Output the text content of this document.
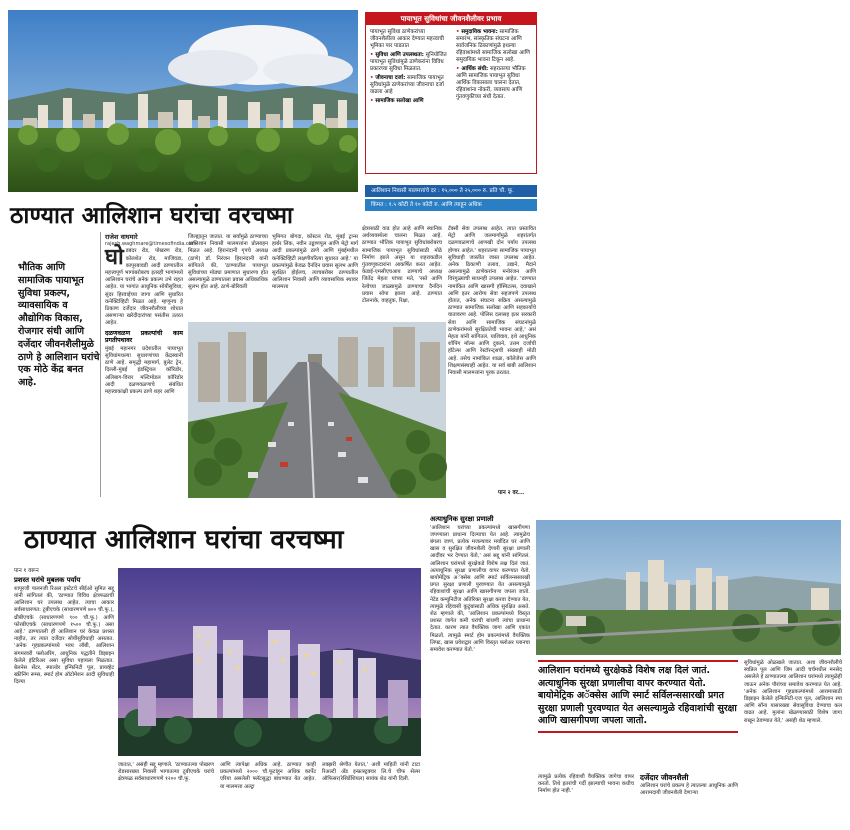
पायाभूत सुविधांचा जीवनशैलीवर प्रभाव
पायाभूत सुविधा ठाणेकरांच्या जीवनशैलीला आकार देण्यात महत्त्वाची भूमिका पार पाडतात
• सुविधा आणि उपलब्धता: सुनियोजित पायाभूत सुविधांमुळे ठाणेकरांना विविध प्रकारच्या सुविधा मिळतात.
• जीवनाचा दर्जा: सामाजिक पायाभूत सुविधांमुळे ठाणेकरांच्या जीवनाचा दर्जा वाढला आहे
• सामाजिक सलोखा आणि
• समुदायिक भावना: सामाजिक समारंभ, सांस्कृतिक संघटना आणि सार्वजनिक ठिकाणांमुळे इथल्या रहिवाशांमध्ये सामाजिक सलोखा आणि समुदायिक भावना टिकून आहे.
• आर्थिक संधी: सहरातल्या भौतिक आणि सामाजिक पायाभूत सुविधा आर्थिक विकासाला चालना देतात, रहिवाशांना नोकरी, व्यवसाय आणि गुंतवणुकीच्या संधी देतात.
आलिशान निवासी मालमत्तांचे दर : १५,००० ते २५,००० रु. प्रति चौ. फू.
किंमत : १.५ कोटी ते १० कोटी रु. आणि त्याहून अधिक
ठाण्यात आलिशान घरांचा वरचष्मा
भौतिक आणि सामाजिक पायाभूत सुविधा प्रकल्प, व्यावसायिक व औद्योगिक विकास, रोजगार संधी आणि दर्जेदार जीवनशैलीमुळे ठाणे हे आलिशान घरांचे एक मोठे केंद्र बनत आहे.
राजेश वाघमारे
rajesh.waghmare@timesofindia.com

घोडबंदर रोड, पोखरण रोड, कोलशेत रोड, माजिवडा, कापूरबावडी आदी ठाण्यातील महत्त्वपूर्ण भागांबरोबरच इतरही भागांमध्ये आलिशान घरांचे अनेक प्रकल्प उभे राहत आहेत. या भागांत आधुनिक सोयीसुविधा, सुंदर हिरवाईच्या जागा आणि सुधारित कनेक्टिव्हिटी मिळत आहे. म्हणूनच हे ठिकाण दर्जेदार जीवनशैलीच्या शोधात असणाऱ्या खरेदीदारांच्या पसंतीस उतरत आहेत.

दळणवळण प्रकल्पांची काम प्रगतीपथावर

मुंबई महानगर प्रदेशातील पायाभूत सुविधांमधल्या सुधारणांच्या केंद्रस्थानी ठाणे आहे. समृद्धी महामार्ग, बुलेट ट्रेन, दिल्ली-मुंबई इंडस्ट्रियल कॉरिडोर, अलिबाग-विरार मल्टिमोडल कॉरिडोर आदी दळणवळणाचे संबंधित महत्त्वाकांक्षी प्रकल्प ठाणे शहर आणि

जिल्ह्यातून जातात. या सर्वांमुळे ठाण्याच्या आलिशान निवासी मालमत्तांना प्रोत्साहन मिळत आहे. हिरानंदानी गृपचे अध्यक्ष (ठाणे) डॉ. निरंजन हिरानंदानी यांनी सांगितले की, 'ठाण्यातील पायाभूत सुविधांच्या मोठ्या प्रमाणात सुधारणा होत असल्यामुळे ठाण्यातला प्रवास अधिकाधिक सुलभ होत आहे. ठाणे-बोरिवली
भुमिगत बोगदा, कोस्टल रोड, मुंबई ट्रान्स हार्बर लिंक, नवीन उड्डाणपूल आणि मेट्रो मार्ग आदी प्रकल्पांमुळे ठाणे आणि मुंबईमधील कनेक्टिव्हिटी लक्षणीयरित्या सुधारत आहे.' या प्रकल्पांमुळे केवळ दैनंदिन प्रवास सुलभ आणि सुरक्षित होईलच, त्याचबरोबर ठाण्यातील आलिशान निवासी आणि व्यावसायिक स्थावर मालमत्ता
क्षेत्रासाठी वाढ होत आहे आणि स्थानिक अर्थव्यवस्थेला चालना मिळत आहे. ठाण्यात भौतिक पायाभूत सुविधांबरोबरच सामाजिक पायाभूत सुविधांसाठी मोठे निर्माण झाले असून या शहराकडील गुंतवणूकदारांना आकर्षित करत आहेत. केडाई-एमसीएचआय ठाण्याचे अध्यक्ष जितेंद्र मेहता यांच्या मते, 'रस्ते आणि रेल्वेच्या जाळ्यामुळे ठाण्याचा दैनंदिन प्रवास सोपा झाला आहे. ठाण्यात टोलनाके, वाहतूक, रिक्षा,
टॅक्सी सेवा उपलब्ध आहेत. त्यात प्रस्तावित मेट्रो आणि जलमार्गांमुळे शहरांतर्गत दळणवळणाचे आणखी दोन पर्याय उपलब्ध होणार आहेत.' शहरातल्या सामाजिक पायाभूत सुविधाही जास्तीत जास्त उपलब्ध आहेत. अनेक ठिकाणी तलाव, उद्याने, मैदाने असल्यामुळे ठाणेकरांना मनोरंजन आणि विरंगुळ्याची साधनही उपलब्ध आहेत. 'ठाण्यात नामांकित आणि खासगी हॉस्पिटल्स, दवाखाने आणि इतर आरोग्य सेवा सहजपणे उपलब्ध होतात, अनेक संघटना सक्रिय असल्यामुळे ठाण्यात सामाजिक सलोखा आणि सहकार्याचे वातावरण आहे. पोलिस दलासह इतर सरकारी सेवा आणि सामाजिक संघटनांमुळे ठाणेकरांमध्ये सुरक्षिततेची भावना आहे,' असं मेहता यांनी सांगितलं. याशिवाय, इथे आधुनिक शॉपिंग मॉल्स आणि दुकाने, उत्तम दर्जाची हॉटेल्स आणि रेस्टॉरन्ट्सची संख्याही मोठी आहे. तसेच नामांकित शाळा, कॉलेजेस आणि शिक्षणसंस्थाही आहेत. या सर्व बाबी आलिशान निवासी मालमत्तांना पूरक ठरतात.
पान २ वर...
ठाण्यात आलिशान घरांचा वरचष्मा
पान १ वरून
प्रशस्त घरांचे मुबलक पर्याय

शापूरजी पालनजी रिअल इस्टेटचे सीईओ सुमित सद्दू यांनी सांगितलं की, 'ठाण्यात विविध क्षेत्रफळाची आलिशान घरं उपलब्ध आहेत. त्याचा आकार सर्वसाधारणत: टूबीएचके (साधारणपणे ७०० चौ.फू.), थ्रीबीएचके (साधारणपणे ९०० चौ.फू.) आणि फोरबीएचके (साधारणपणे १५०० चौ.फू.) असा आहे.' ठाण्यातली ही आलिशान घरं केवळ प्रशस्त नाहीत, तर त्यात दर्जेदार सोयीसुविधाही असतात. 'अनेक गृहप्रकल्पांमध्ये भव्य लॉबी, आलिशान संगमरवरी फ्लोअरिंग, आधुनिक पद्धतीने डिझाइन केलेले इंटिरिअर असा सुविधा पहायला मिळतात. बेलनेस सेंटर, स्पाल्डेर इन्फिनिटी पूल, प्रायव्हेट स्क्रीनिंग रूम्स, स्मार्ट होम ऑटोमेशन आदी सुविधाही दिल्या

जातात,' असंही सद्दू म्हणाले. 'ठाण्यातल्या पोखरण रोडसारख्या निवासी भागातल्या टूबीएचके घरांचे क्षेत्रफळ सर्वसाधारणपणे १२०० चौ.फू.
आणि त्यापेक्षा अधिक आहे. ठाण्यात काही प्रकल्पांमध्ये २००० चौ.फूटांहून अधिक कार्पेट एरिया असलेली फ्लॅटसुद्धा बांधण्यात येत आहेत. या मालमत्ता अल्ट्रा
लक्झरी श्रेणीत येतात,' अशी माहिती यांनी टाटा रिअल्टी अँड इन्फ्रास्ट्रक्चर लि.चे चीफ सेल्स ऑफिसर(रेसिडेंशियल) सायंक शेठ यांनी दिली.
अत्याधुनिक सुरक्षा प्रणाली

'आलिशान घरांच्या प्रकल्पांमध्ये खासगीपणा जपण्याला प्राधान्य दिल्याचा येत आहे. त्यामुळेच बंगला जाणं, प्रत्येक मजल्यावर मर्यादित घरं आणि खास व सुरक्षित जीवनशैली देणारी सुरक्षा प्रणाली आदींवर भर देण्यात येतो,' असं सद्दू यांनी सांगितलं. आलिशान घरांमध्ये सुरक्षेकडे विशेष लक्ष दिलं जातं. अत्याधुनिक सुरक्षा प्रणालीचा वापर करण्यात येतो. बायोमेट्रिक अॅक्सेस आणि स्मार्ट सर्विलन्ससारखी प्रगत सुरक्षा प्रणाली पुरवण्यात येत असल्यामुळे रहिवाशांची सुरक्षा आणि खासगीपणा जपला जातो. नेटेड कम्युनिटीज अतिरिक्त सुरक्षा करवा देण्यात येत, त्यामुळे रहिवासी कुटुंबांसाठी अधिक सुरक्षित असते. शेठ म्हणाले की, 'आलिशान प्रकल्पांमध्ये विस्तृत प्रशस्त जागेत कमी घरांची बांधणी त्यांचा प्राधान्य देतात. कारण त्यात वैयक्तिक जागा आणि एकांत मिळतो. त्यामुळे स्मार्ट होम प्रकल्पांमध्ये वैयक्तिक लिफ्ट, खास प्रवेशद्वार आणि विस्तृत फ्लोअर प्लानचा समावेश करण्यात येतो.'

आलिशान घरांमध्ये सुरक्षेकडे विशेष लक्ष दिलं जातं. अत्याधुनिक सुरक्षा प्रणालीचा वापर करण्यात येतो. बायोमेट्रिक अॅक्सेस आणि स्मार्ट सर्विलन्ससारखी प्रगत सुरक्षा प्रणाली पुरवण्यात येत असल्यामुळे रहिवाशांची सुरक्षा आणि खासगीपणा जपला जातो.
त्यामुळे प्रत्येक रहिवाशी वैयक्तिक जागेचा वापर करतो. तिथे इतरांची गर्दी झाल्याची भावना कधीच निर्माण होत नाही.'
दर्जेदार जीवनशैली

आलिशान घरांचे प्रकल्प हे त्यातल्या आधुनिक आणि आरामदायी जीवनशैली देणाऱ्या

सुविधांमुळे ओळखले जातात. अशा जीवनशैलीचे स्वप्निल पूल आणि जिम आदी चर्चमधील मनसेद असलेले हे ठाण्यातल्या आलिशान घरांमध्ये त्यामुळेही जाऊन अनेक पौरांच्या समावेश करण्यात येत आहे. 'अनेक आलिशान गृहप्रकल्पांमध्ये आरामासाठी डिझाइन केलेले इन्फिनिटी-एज पूल, आलिशान स्पा आणि सॉना यासारख्या सेवासुविधा देण्याचा कल वाढत आहे. मुलांना खेळण्यासाठी विशेष जागा राखून ठेवण्यात येते,' असंही शेठ म्हणाले.
